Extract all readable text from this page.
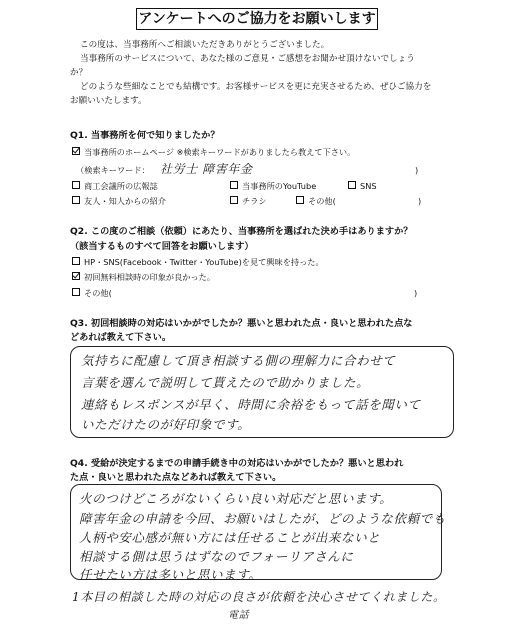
アンケートへのご協力をお願いします
この度は、当事務所へご相談いただきありがとうございました。
当事務所のサービスについて、あなた様のご意見・ご感想をお聞かせ頂けないでしょう
か？
どのような些細なことでも結構です。お客様サービスを更に充実させるため、ぜひご協力を
お願いいたします。
Q1. 当事務所を何で知りましたか？
当事務所のホームページ ※検索キーワードがありましたら教えて下さい。
（検索キーワード： 社労士 障害年金	)
商工会議所の広報誌	当事務所のYouTube	SNS
友人・知人からの紹介	チラシ	その他(	)
Q2. この度のご相談（依頼）にあたり、当事務所を選ばれた決め手はありますか？
（該当するものすべて回答をお願いします）
HP・SNS(Facebook・Twitter・YouTube)を見て興味を持った。
初回無料相談時の印象が良かった。
その他(	)
Q3. 初回相談時の対応はいかがでしたか？悪いと思われた点・良いと思われた点な
どあれば教えて下さい。
気持ちに配慮して頂き相談する側の理解力に合わせて
言葉を選んで説明して貰えたので助かりました。
連絡もレスポンスが早く、時間に余裕をもって話を聞いて
いただけたのが好印象です。
Q4. 受給が決定するまでの申請手続き中の対応はいかがでしたか？悪いと思われ
た点・良いと思われた点などあれば教えて下さい。
火のつけどころがないくらい良い対応だと思います。
障害年金の申請を今回、お願いはしたが、どのような依頼でも
人柄や安心感が無い方には任せることが出来ないと
相談する側は思うはずなのでフォーリアさんに
任せたい方は多いと思います。
1本目の相談した時の対応の良さが依頼を決心させてくれました。
電話
